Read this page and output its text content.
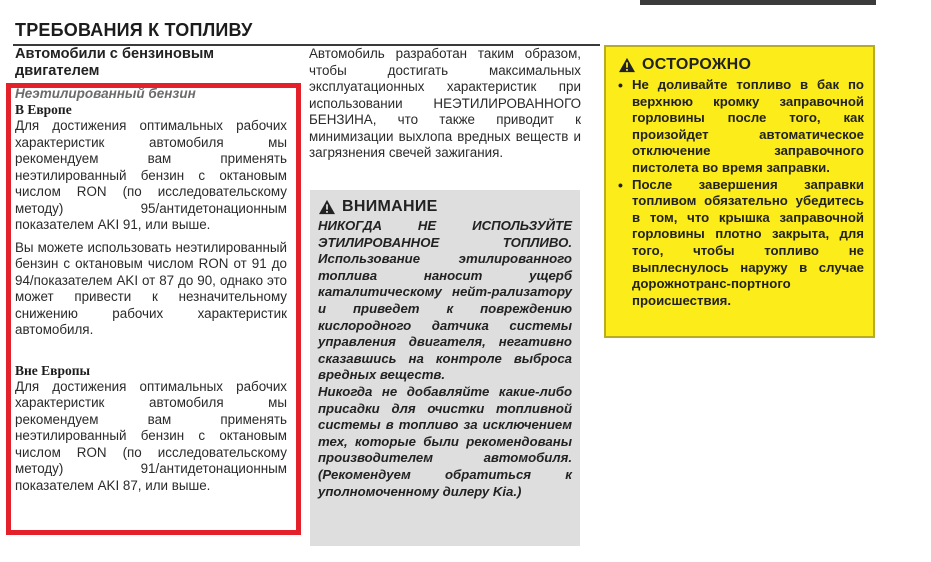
ТРЕБОВАНИЯ К ТОПЛИВУ
Автомобили с бензиновым двигателем
Неэтилированный бензин
В Европе

Для достижения оптимальных рабочих характеристик автомобиля мы рекомендуем вам применять неэтилированный бензин с октановым числом RON (по исследовательскому методу) 95/антидетонационным показателем AKI 91, или выше.

Вы можете использовать неэтилированный бензин с октановым числом RON от 91 до 94/показателем AKI от 87 до 90, однако это может привести к незначительному снижению рабочих характеристик автомобиля.

Вне Европы

Для достижения оптимальных рабочих характеристик автомобиля мы рекомендуем вам применять неэтилированный бензин с октановым числом RON (по исследовательскому методу) 91/антидетонационным показателем AKI 87, или выше.

Автомобиль разработан таким образом, чтобы достигать максимальных эксплуатационных характеристик при использовании НЕЭТИЛИРОВАННОГО БЕНЗИНА, что также приводит к минимизации выхлопа вредных веществ и загрязнения свечей зажигания.

ВНИМАНИЕ

НИКОГДА НЕ ИСПОЛЬЗУЙТЕ ЭТИЛИРОВАННОЕ ТОПЛИВО. Использование этилированного топлива наносит ущерб каталитическому нейт-рализатору и приведет к повреждению кислородного датчика системы управления двигателя, негативно сказавшись на контроле выброса вредных веществ.

Никогда не добавляйте какие-либо присадки для очистки топливной системы в топливо за исключением тех, которые были рекомендованы производителем автомобиля. (Рекомендуем обратиться к уполномоченному дилеру Kia.)

ОСТОРОЖНО
• Не доливайте топливо в бак по верхнюю кромку заправочной горловины после того, как произойдет автоматическое отключение заправочного пистолета во время заправки.
• После завершения заправки топливом обязательно убедитесь в том, что крышка заправочной горловины плотно закрыта, для того, чтобы топливо не выплеснулось наружу в случае дорожнотранс-портного происшествия.
